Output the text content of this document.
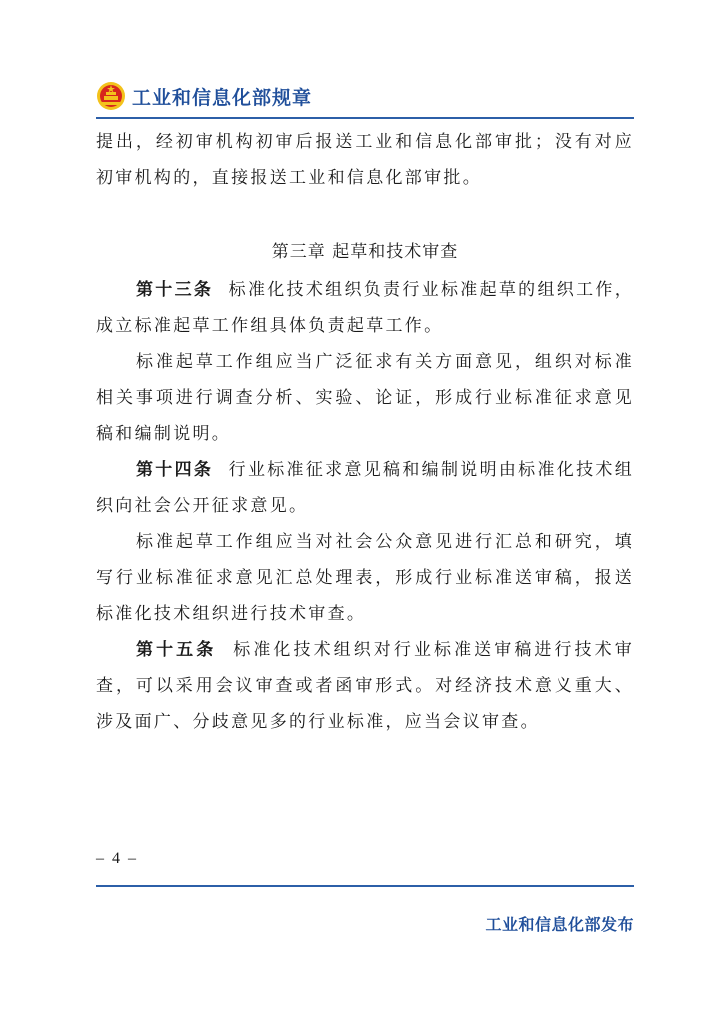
工业和信息化部规章

提出，经初审机构初审后报送工业和信息化部审批；没有对应初审机构的，直接报送工业和信息化部审批。

第三章 起草和技术审查

第十三条 标准化技术组织负责行业标准起草的组织工作，成立标准起草工作组具体负责起草工作。

标准起草工作组应当广泛征求有关方面意见，组织对标准相关事项进行调查分析、实验、论证，形成行业标准征求意见稿和编制说明。

第十四条 行业标准征求意见稿和编制说明由标准化技术组织向社会公开征求意见。

标准起草工作组应当对社会公众意见进行汇总和研究，填写行业标准征求意见汇总处理表，形成行业标准送审稿，报送标准化技术组织进行技术审查。

第十五条 标准化技术组织对行业标准送审稿进行技术审查，可以采用会议审查或者函审形式。对经济技术意义重大、涉及面广、分歧意见多的行业标准，应当会议审查。

– 4 –
工业和信息化部发布
